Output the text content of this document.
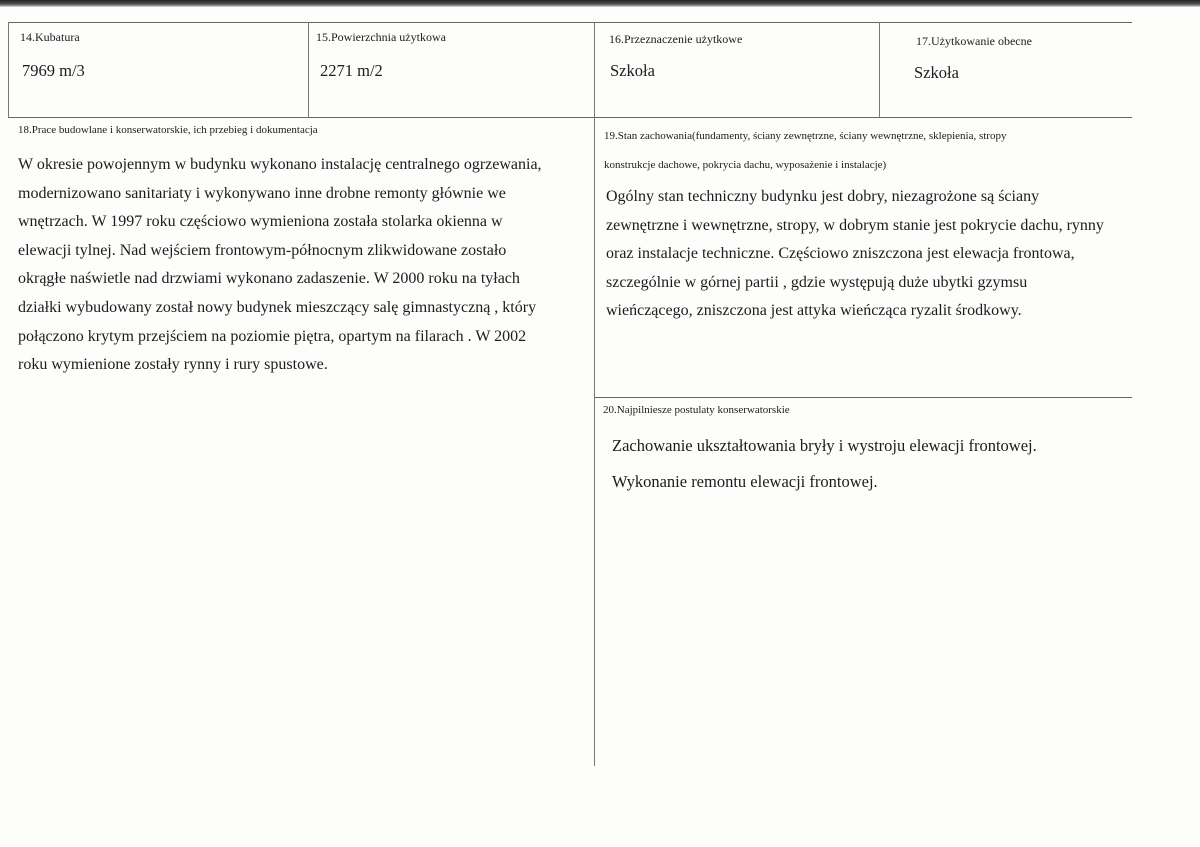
14.Kubatura
7969 m/3
15.Powierzchnia użytkowa
2271 m/2
16.Przeznaczenie użytkowe
Szkoła
17.Użytkowanie obecne
Szkoła
18.Prace budowlane i konserwatorskie, ich przebieg i dokumentacja
W okresie powojennym w budynku wykonano instalację centralnego ogrzewania,
modernizowano sanitariaty i wykonywano inne drobne remonty głównie we
wnętrzach. W 1997 roku częściowo wymieniona została stolarka okienna w
elewacji tylnej. Nad wejściem frontowym-północnym zlikwidowane zostało
okrągłe naświetle nad drzwiami wykonano zadaszenie. W 2000 roku na tyłach
działki wybudowany został nowy budynek mieszczący salę gimnastyczną , który
połączono krytym przejściem na poziomie piętra, opartym na filarach . W 2002
roku wymienione zostały rynny i rury spustowe.
19.Stan zachowania(fundamenty, ściany zewnętrzne, ściany wewnętrzne, sklepienia, stropy
konstrukcje dachowe, pokrycia dachu, wyposażenie i instalacje)
Ogólny stan techniczny budynku jest dobry, niezagrożone są ściany
zewnętrzne i wewnętrzne, stropy, w dobrym stanie jest pokrycie dachu, rynny
oraz instalacje techniczne. Częściowo zniszczona jest elewacja frontowa,
szczególnie w górnej partii , gdzie występują duże ubytki gzymsu
wieńczącego, zniszczona jest attyka wieńcząca ryzalit środkowy.
20.Najpilniesze postulaty konserwatorskie
Zachowanie ukształtowania bryły i wystroju elewacji frontowej.
Wykonanie remontu elewacji frontowej.
